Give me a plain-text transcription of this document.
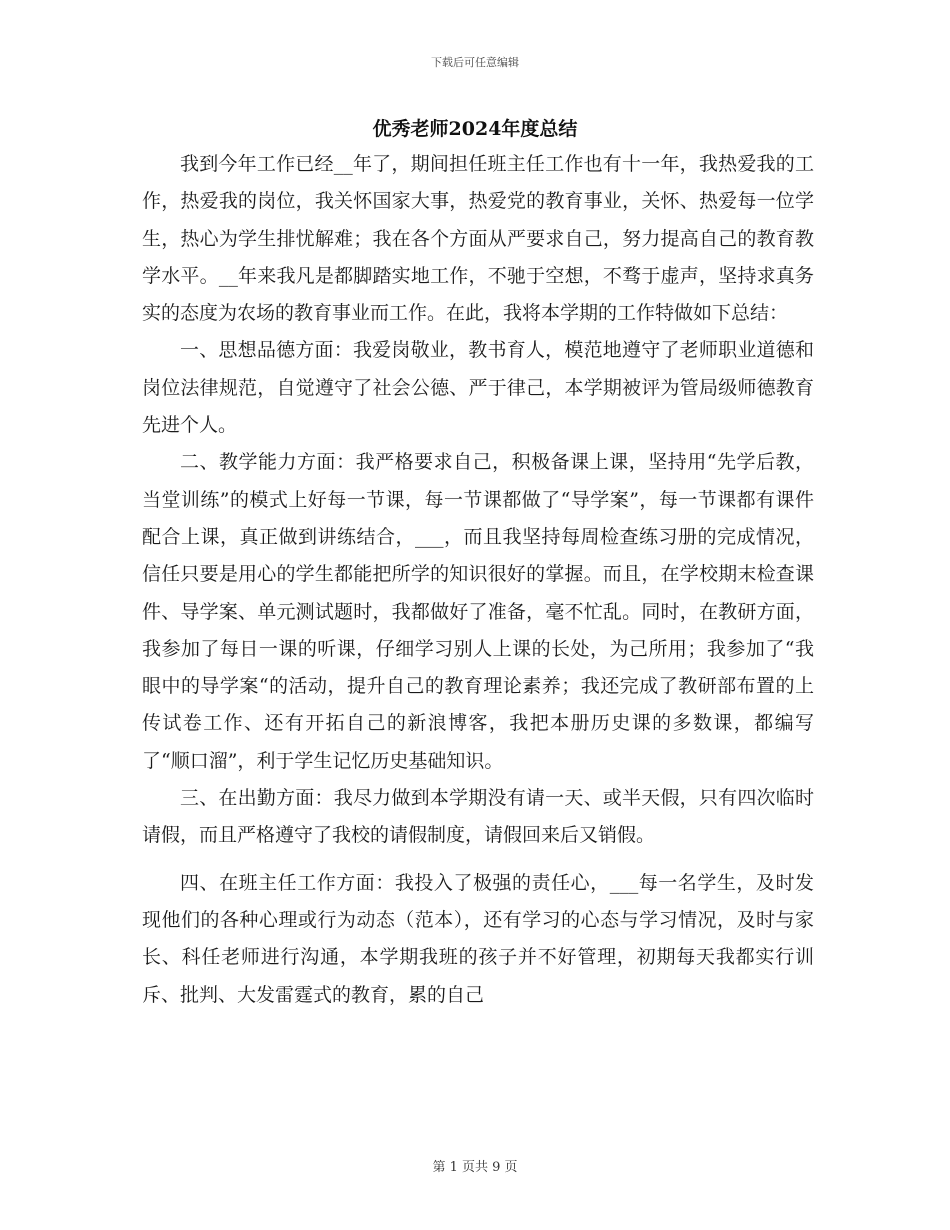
下载后可任意编辑
优秀老师2024年度总结

我到今年工作已经__年了，期间担任班主任工作也有十一年，我热爱我的工作，热爱我的岗位，我关怀国家大事，热爱党的教育事业，关怀、热爱每一位学生，热心为学生排忧解难；我在各个方面从严要求自己，努力提高自己的教育教学水平。__年来我凡是都脚踏实地工作，不驰于空想，不骛于虚声，坚持求真务实的态度为农场的教育事业而工作。在此，我将本学期的工作特做如下总结：

一、思想品德方面：我爱岗敬业，教书育人，模范地遵守了老师职业道德和岗位法律规范，自觉遵守了社会公德、严于律己，本学期被评为管局级师德教育先进个人。

二、教学能力方面：我严格要求自己，积极备课上课，坚持用“先学后教，当堂训练”的模式上好每一节课，每一节课都做了“导学案”，每一节课都有课件配合上课，真正做到讲练结合，___，而且我坚持每周检查练习册的完成情况，信任只要是用心的学生都能把所学的知识很好的掌握。而且，在学校期末检查课件、导学案、单元测试题时，我都做好了准备，毫不忙乱。同时，在教研方面，我参加了每日一课的听课，仔细学习别人上课的长处，为己所用；我参加了“我眼中的导学案“的活动，提升自己的教育理论素养；我还完成了教研部布置的上传试卷工作、还有开拓自己的新浪博客，我把本册历史课的多数课，都编写了“顺口溜”，利于学生记忆历史基础知识。

三、在出勤方面：我尽力做到本学期没有请一天、或半天假，只有四次临时请假，而且严格遵守了我校的请假制度，请假回来后又销假。

四、在班主任工作方面：我投入了极强的责任心，___每一名学生，及时发现他们的各种心理或行为动态（范本），还有学习的心态与学习情况，及时与家长、科任老师进行沟通，本学期我班的孩子并不好管理，初期每天我都实行训斥、批判、大发雷霆式的教育，累的自己

第 1 页共 9 页
